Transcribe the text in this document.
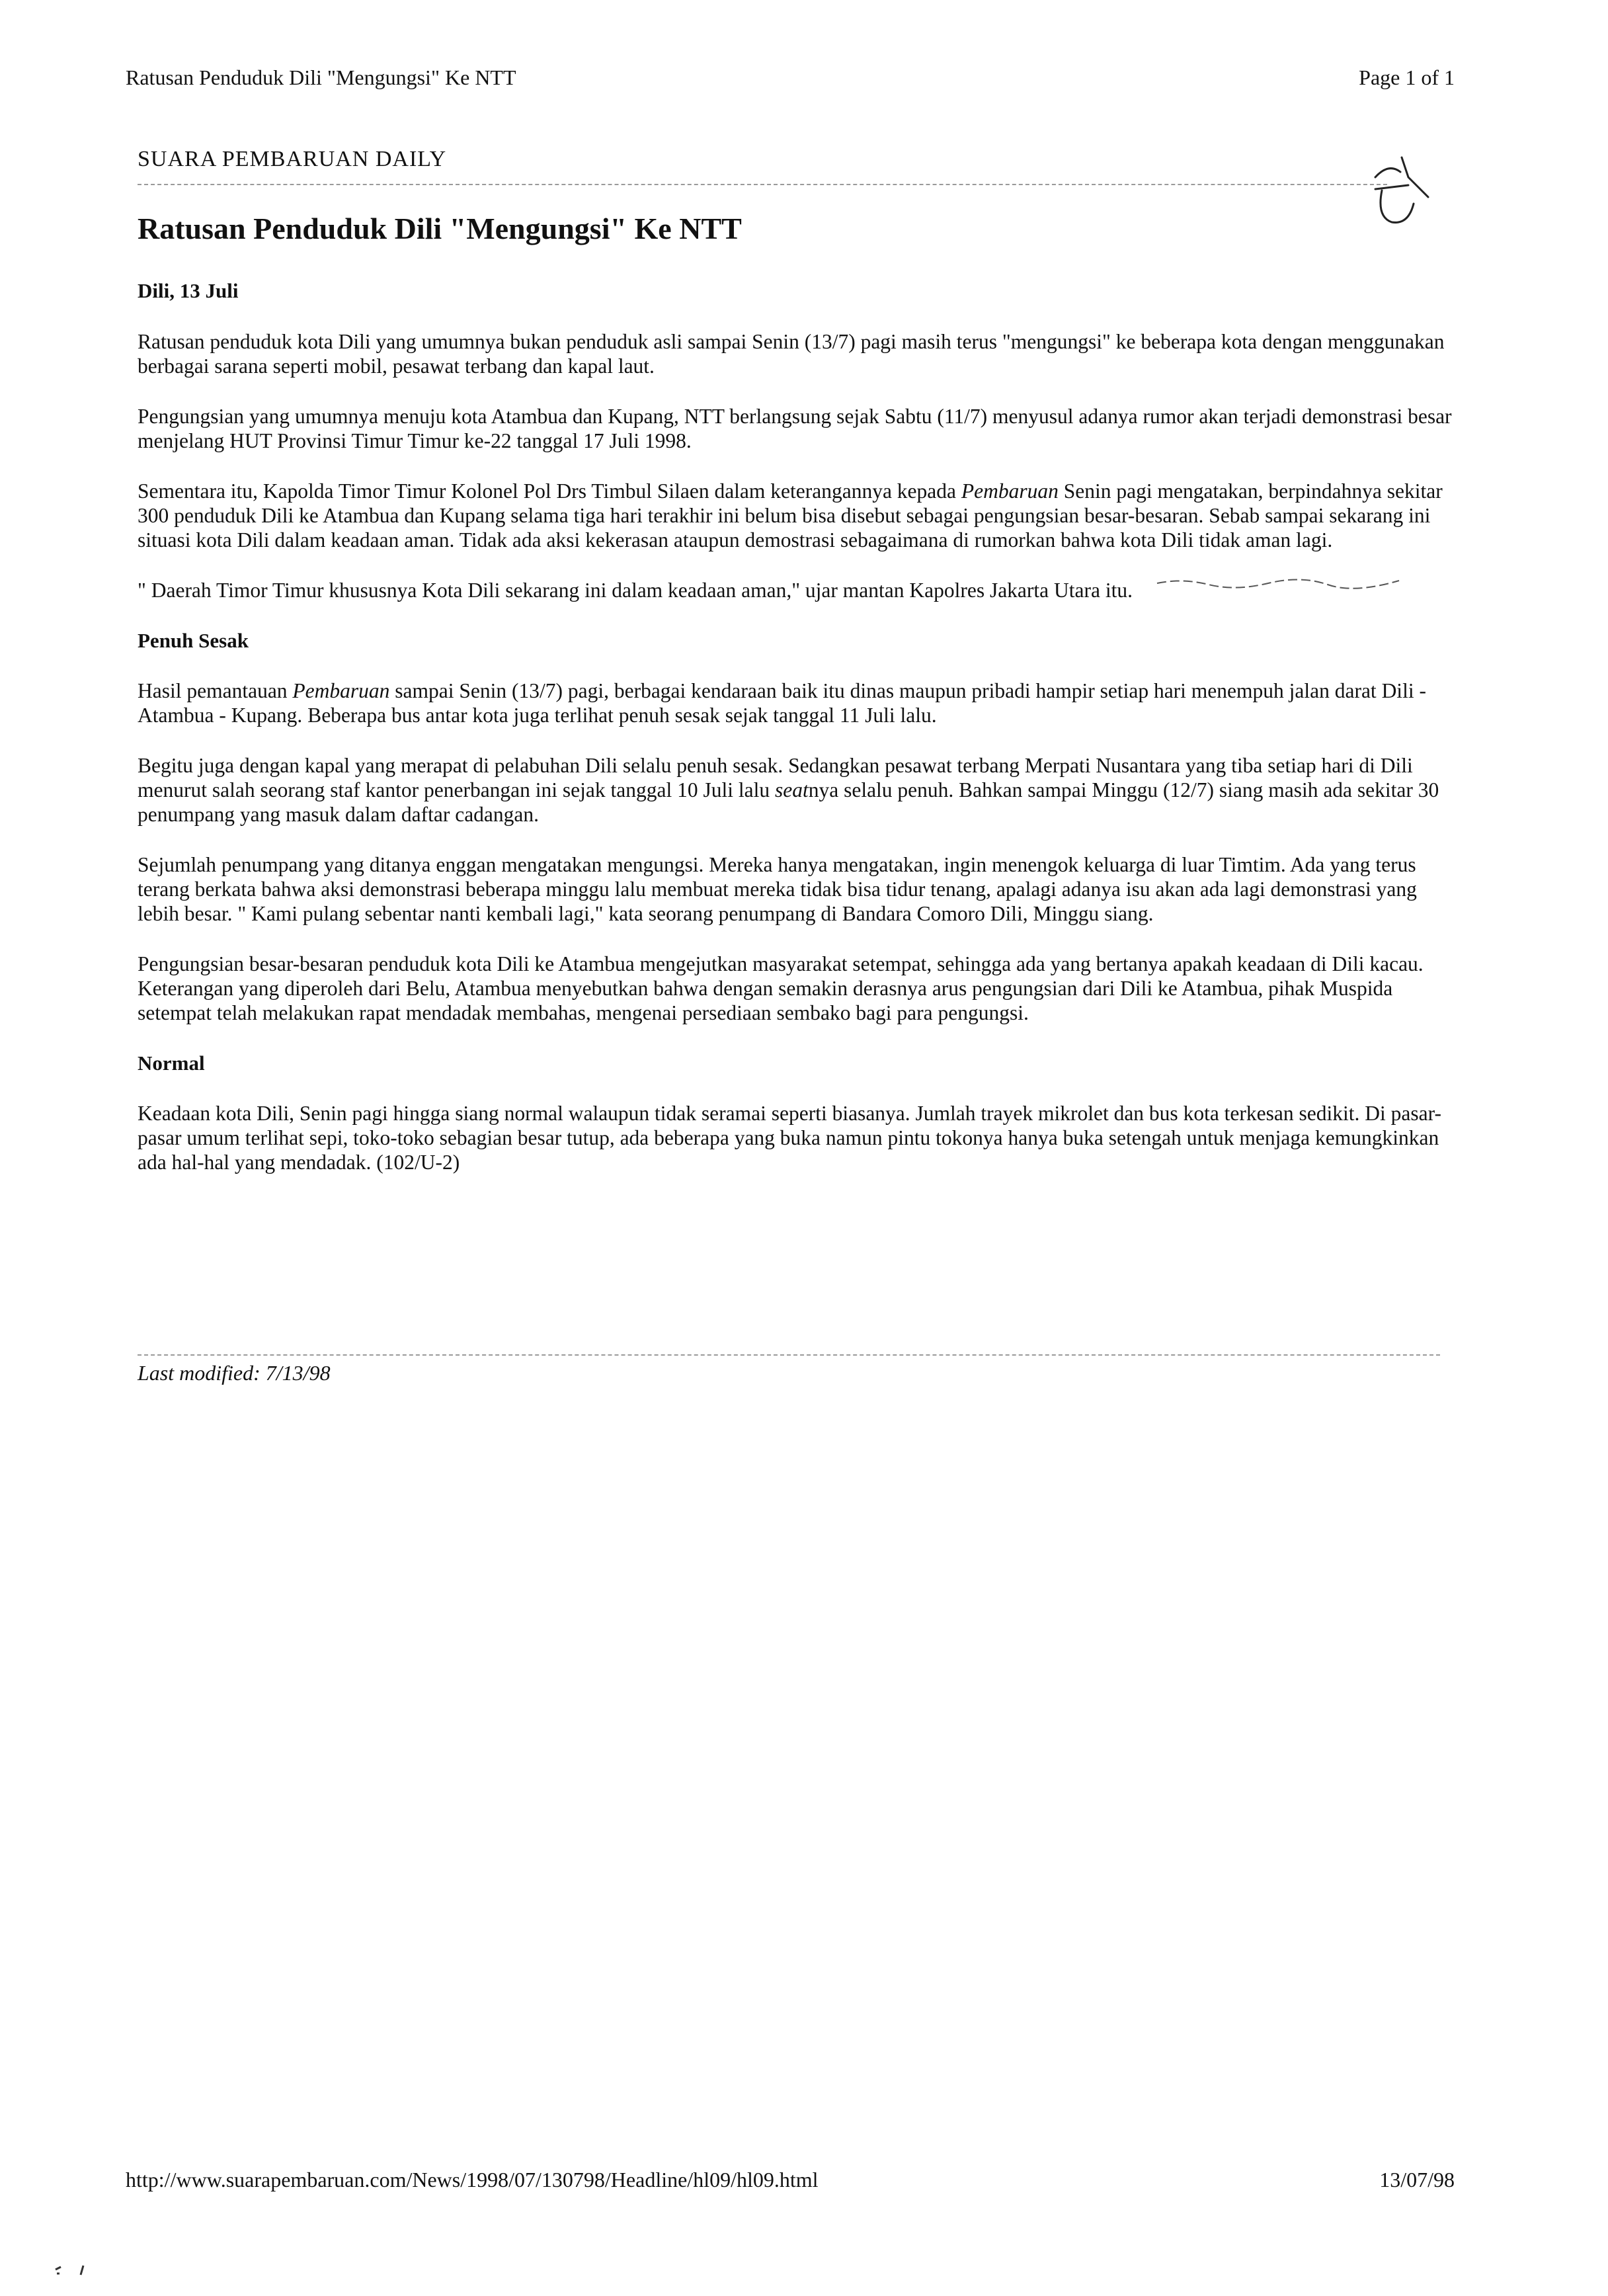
Ratusan Penduduk Dili "Mengungsi" Ke NTT	Page 1 of 1
SUARA PEMBARUAN DAILY
Ratusan Penduduk Dili "Mengungsi" Ke NTT

Dili, 13 Juli

Ratusan penduduk kota Dili yang umumnya bukan penduduk asli sampai Senin (13/7) pagi masih terus "mengungsi" ke beberapa kota dengan menggunakan berbagai sarana seperti mobil, pesawat terbang dan kapal laut.

Pengungsian yang umumnya menuju kota Atambua dan Kupang, NTT berlangsung sejak Sabtu (11/7) menyusul adanya rumor akan terjadi demonstrasi besar menjelang HUT Provinsi Timur Timur ke-22 tanggal 17 Juli 1998.

Sementara itu, Kapolda Timor Timur Kolonel Pol Drs Timbul Silaen dalam keterangannya kepada Pembaruan Senin pagi mengatakan, berpindahnya sekitar 300 penduduk Dili ke Atambua dan Kupang selama tiga hari terakhir ini belum bisa disebut sebagai pengungsian besar-besaran. Sebab sampai sekarang ini situasi kota Dili dalam keadaan aman. Tidak ada aksi kekerasan ataupun demostrasi sebagaimana di rumorkan bahwa kota Dili tidak aman lagi.

" Daerah Timor Timur khususnya Kota Dili sekarang ini dalam keadaan aman," ujar mantan Kapolres Jakarta Utara itu.

Penuh Sesak

Hasil pemantauan Pembaruan sampai Senin (13/7) pagi, berbagai kendaraan baik itu dinas maupun pribadi hampir setiap hari menempuh jalan darat Dili - Atambua - Kupang. Beberapa bus antar kota juga terlihat penuh sesak sejak tanggal 11 Juli lalu.

Begitu juga dengan kapal yang merapat di pelabuhan Dili selalu penuh sesak. Sedangkan pesawat terbang Merpati Nusantara yang tiba setiap hari di Dili menurut salah seorang staf kantor penerbangan ini sejak tanggal 10 Juli lalu seatnya selalu penuh. Bahkan sampai Minggu (12/7) siang masih ada sekitar 30 penumpang yang masuk dalam daftar cadangan.

Sejumlah penumpang yang ditanya enggan mengatakan mengungsi. Mereka hanya mengatakan, ingin menengok keluarga di luar Timtim. Ada yang terus terang berkata bahwa aksi demonstrasi beberapa minggu lalu membuat mereka tidak bisa tidur tenang, apalagi adanya isu akan ada lagi demonstrasi yang lebih besar. " Kami pulang sebentar nanti kembali lagi," kata seorang penumpang di Bandara Comoro Dili, Minggu siang.

Pengungsian besar-besaran penduduk kota Dili ke Atambua mengejutkan masyarakat setempat, sehingga ada yang bertanya apakah keadaan di Dili kacau. Keterangan yang diperoleh dari Belu, Atambua menyebutkan bahwa dengan semakin derasnya arus pengungsian dari Dili ke Atambua, pihak Muspida setempat telah melakukan rapat mendadak membahas, mengenai persediaan sembako bagi para pengungsi.

Normal

Keadaan kota Dili, Senin pagi hingga siang normal walaupun tidak seramai seperti biasanya. Jumlah trayek mikrolet dan bus kota terkesan sedikit. Di pasar-pasar umum terlihat sepi, toko-toko sebagian besar tutup, ada beberapa yang buka namun pintu tokonya hanya buka setengah untuk menjaga kemungkinkan ada hal-hal yang mendadak. (102/U-2)

Last modified: 7/13/98
http://www.suarapembaruan.com/News/1998/07/130798/Headline/hl09/hl09.html	13/07/98
